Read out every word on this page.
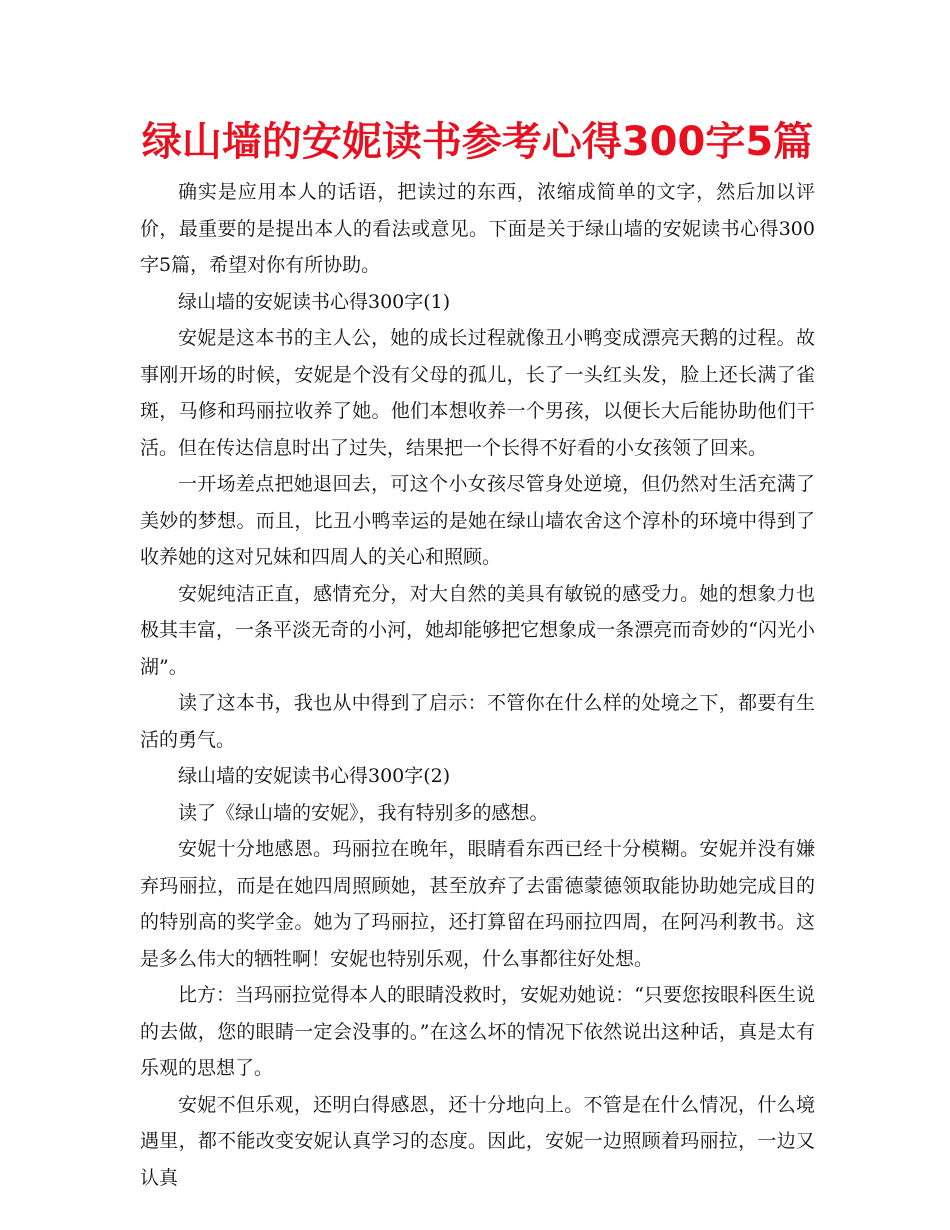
绿山墙的安妮读书参考心得300字5篇

确实是应用本人的话语，把读过的东西，浓缩成简单的文字，然后加以评价，最重要的是提出本人的看法或意见。下面是关于绿山墙的安妮读书心得300字5篇，希望对你有所协助。

绿山墙的安妮读书心得300字(1)

安妮是这本书的主人公，她的成长过程就像丑小鸭变成漂亮天鹅的过程。故事刚开场的时候，安妮是个没有父母的孤儿，长了一头红头发，脸上还长满了雀斑，马修和玛丽拉收养了她。他们本想收养一个男孩，以便长大后能协助他们干活。但在传达信息时出了过失，结果把一个长得不好看的小女孩领了回来。

一开场差点把她退回去，可这个小女孩尽管身处逆境，但仍然对生活充满了美妙的梦想。而且，比丑小鸭幸运的是她在绿山墙农舍这个淳朴的环境中得到了收养她的这对兄妹和四周人的关心和照顾。

安妮纯洁正直，感情充分，对大自然的美具有敏锐的感受力。她的想象力也极其丰富，一条平淡无奇的小河，她却能够把它想象成一条漂亮而奇妙的“闪光小湖”。

读了这本书，我也从中得到了启示：不管你在什么样的处境之下，都要有生活的勇气。

绿山墙的安妮读书心得300字(2)

读了《绿山墙的安妮》，我有特别多的感想。

安妮十分地感恩。玛丽拉在晚年，眼睛看东西已经十分模糊。安妮并没有嫌弃玛丽拉，而是在她四周照顾她，甚至放弃了去雷德蒙德领取能协助她完成目的的特别高的奖学金。她为了玛丽拉，还打算留在玛丽拉四周，在阿冯利教书。这是多么伟大的牺牲啊！安妮也特别乐观，什么事都往好处想。

比方：当玛丽拉觉得本人的眼睛没救时，安妮劝她说：“只要您按眼科医生说的去做，您的眼睛一定会没事的。”在这么坏的情况下依然说出这种话，真是太有乐观的思想了。

安妮不但乐观，还明白得感恩，还十分地向上。不管是在什么情况，什么境遇里，都不能改变安妮认真学习的态度。因此，安妮一边照顾着玛丽拉，一边又认真
